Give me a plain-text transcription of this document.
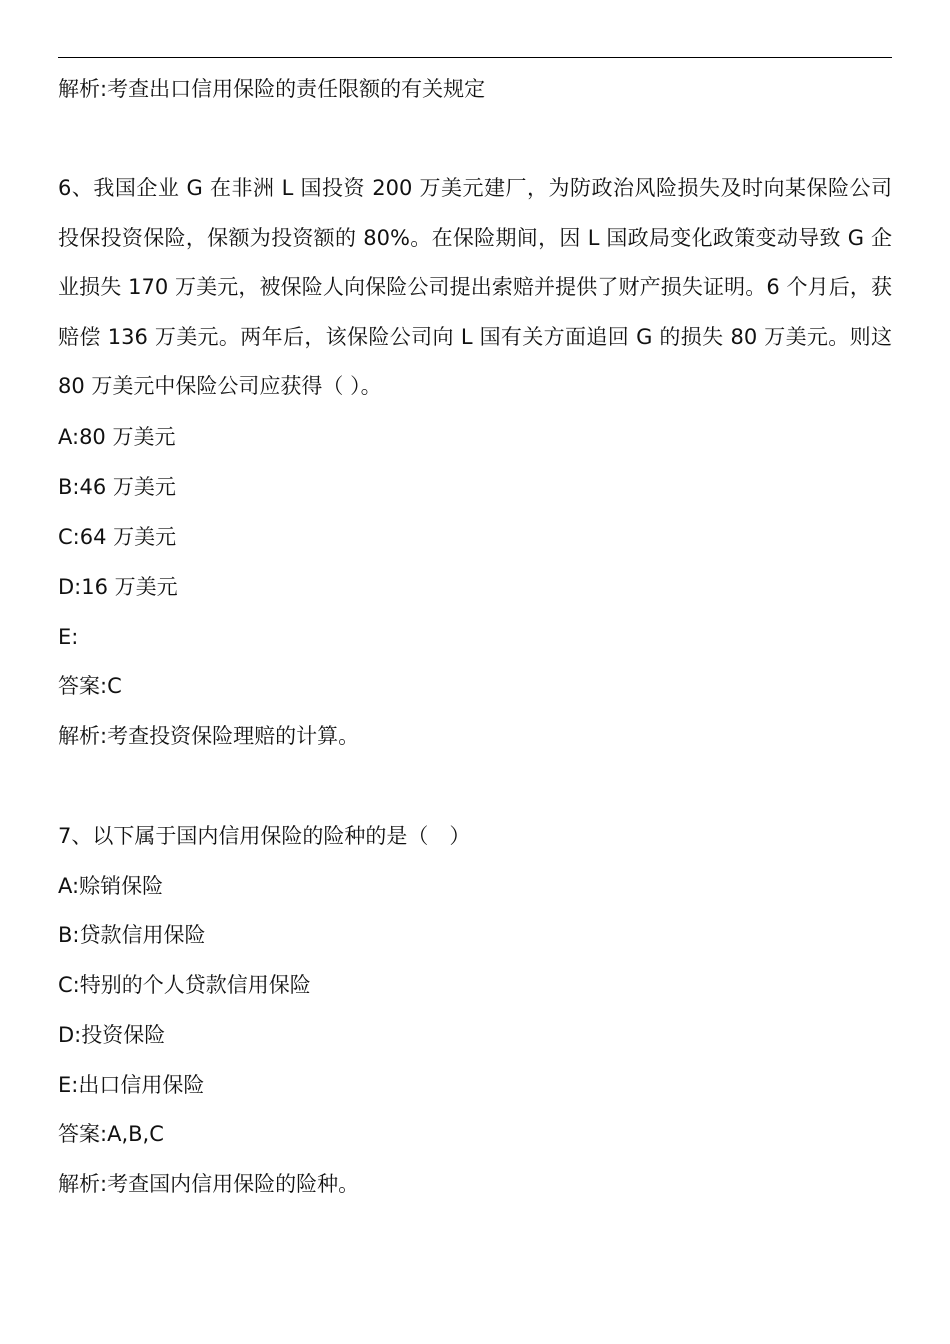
解析:考查出口信用保险的责任限额的有关规定
6、我国企业 G 在非洲 L 国投资 200 万美元建厂，为防政治风险损失及时向某保险公司投保投资保险，保额为投资额的 80%。在保险期间，因 L 国政局变化政策变动导致 G 企业损失 170 万美元，被保险人向保险公司提出索赔并提供了财产损失证明。6 个月后，获赔偿 136 万美元。两年后，该保险公司向 L 国有关方面追回 G 的损失 80 万美元。则这 80 万美元中保险公司应获得（ ）。
A:80 万美元
B:46 万美元
C:64 万美元
D:16 万美元
E:
答案:C
解析:考查投资保险理赔的计算。
7、以下属于国内信用保险的险种的是（　）
A:赊销保险
B:贷款信用保险
C:特别的个人贷款信用保险
D:投资保险
E:出口信用保险
答案:A,B,C
解析:考查国内信用保险的险种。
